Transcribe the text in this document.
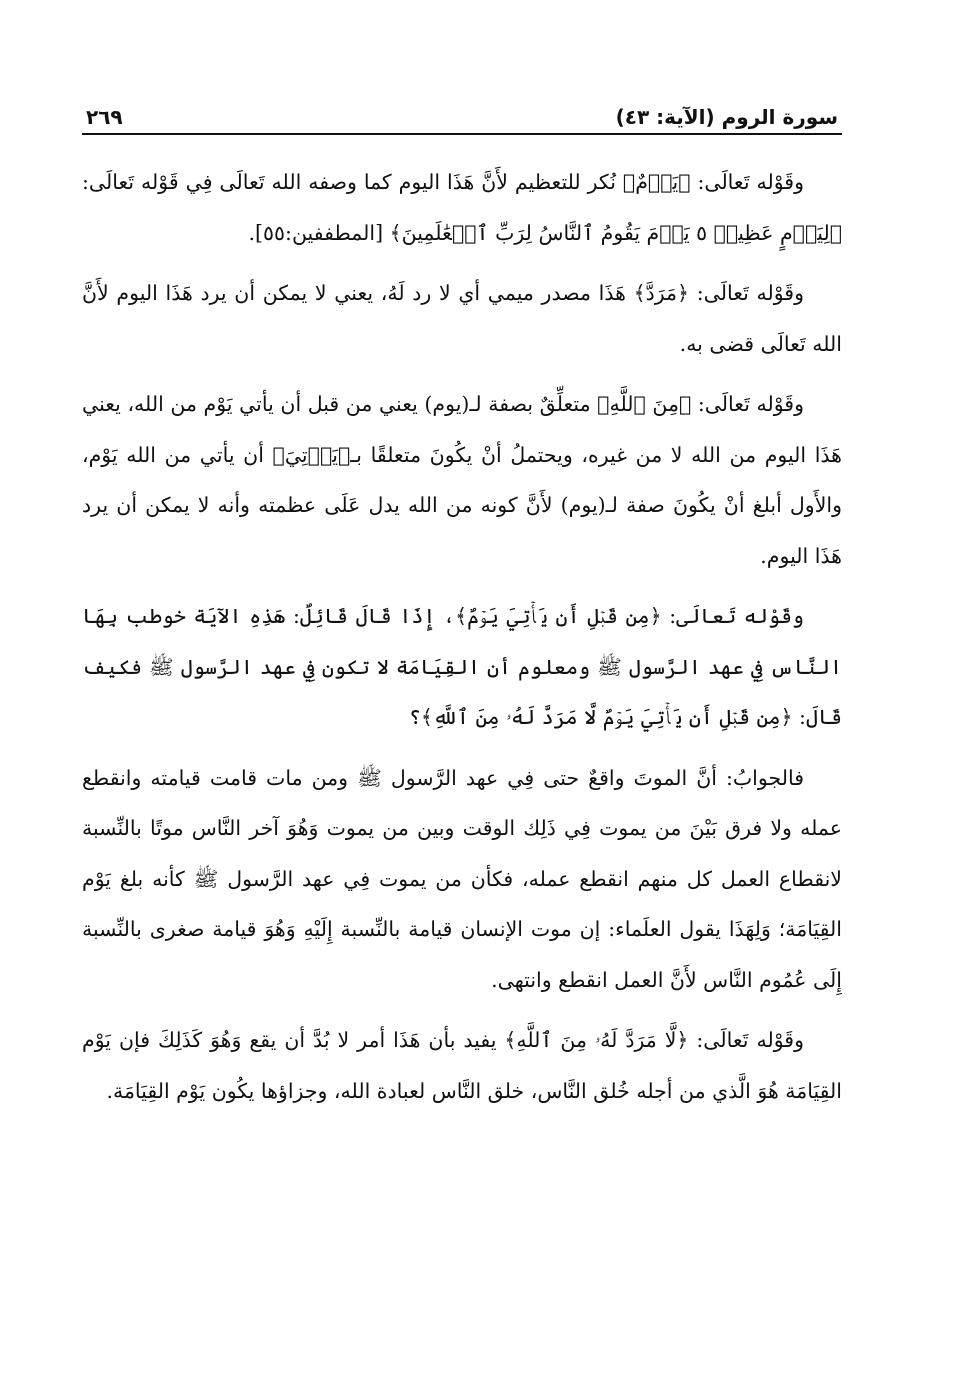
سورة الروم (الآية: ٤٣)
٢٦٩

وقَوْله تَعالَى: ﴿يَوۡمٌ﴾ نُكر للتعظيم لأَنَّ هَذَا اليوم كما وصفه الله تَعالَى فِي قَوْله تَعالَى: ﴿لِيَوۡمٍ عَظِيمٖ ٥ يَوۡمَ يَقُومُ ٱلنَّاسُ لِرَبِّ ٱلۡعَٰلَمِينَ﴾ [المطففين:٥٥].

وقَوْله تَعالَى: ﴿مَرَدَّ﴾ هَذَا مصدر ميمي أي لا رد لَهُ، يعني لا يمكن أن يرد هَذَا اليوم لأَنَّ الله تَعالَى قضى به.

وقَوْله تَعالَى: ﴿مِنَ ٱللَّهِ﴾ متعلِّقٌ بصفة لـ(يوم) يعني من قبل أن يأتي يَوْم من الله، يعني هَذَا اليوم من الله لا من غيره، ويحتملُ أنْ يكُونَ متعلقًا بـ﴿يَأۡتِيَ﴾ أن يأتي من الله يَوْم، والأَول أبلغ أنْ يكُونَ صفة لـ(يوم) لأَنَّ كونه من الله يدل عَلَى عظمته وأنه لا يمكن أن يرد هَذَا اليوم.

وقَوْله تَعالَى: ﴿مِن قَبۡلِ أَن يَأۡتِيَ يَوۡمٌ﴾، إِذَا قَالَ قَائِلٌ: هَذِهِ الآيَة خوطب بِهَا النَّاس فِي عهد الرَّسول ﷺ ومعلوم أن القِيَامَة لا تكون فِي عهد الرَّسول ﷺ فكيف قَالَ: ﴿مِن قَبۡلِ أَن يَأۡتِيَ يَوۡمٌ لَّا مَرَدَّ لَهُۥ مِنَ ٱللَّهِ﴾؟

فالجوابُ: أنَّ الموتَ واقعٌ حتى فِي عهد الرَّسول ﷺ ومن مات قامت قيامته وانقطع عمله ولا فرق بَيْنَ من يموت فِي ذَلِك الوقت وبين من يموت وَهُوَ آخر النَّاس موتًا بالنِّسبة لانقطاع العمل كل منهم انقطع عمله، فكأن من يموت فِي عهد الرَّسول ﷺ كأنه بلغ يَوْم القِيَامَة؛ وَلِهَذَا يقول العلَماء: إن موت الإنسان قيامة بالنِّسبة إِلَيْهِ وَهُوَ قيامة صغرى بالنِّسبة إِلَى عُمُوم النَّاس لأَنَّ العمل انقطع وانتهى.

وقَوْله تَعالَى: ﴿لَّا مَرَدَّ لَهُۥ مِنَ ٱللَّهِ﴾ يفيد بأن هَذَا أمر لا بُدَّ أن يقع وَهُوَ كَذَلِكَ فإن يَوْم القِيَامَة هُوَ الَّذي من أجله خُلق النَّاس، خلق النَّاس لعبادة الله، وجزاؤها يكُون يَوْم القِيَامَة.
